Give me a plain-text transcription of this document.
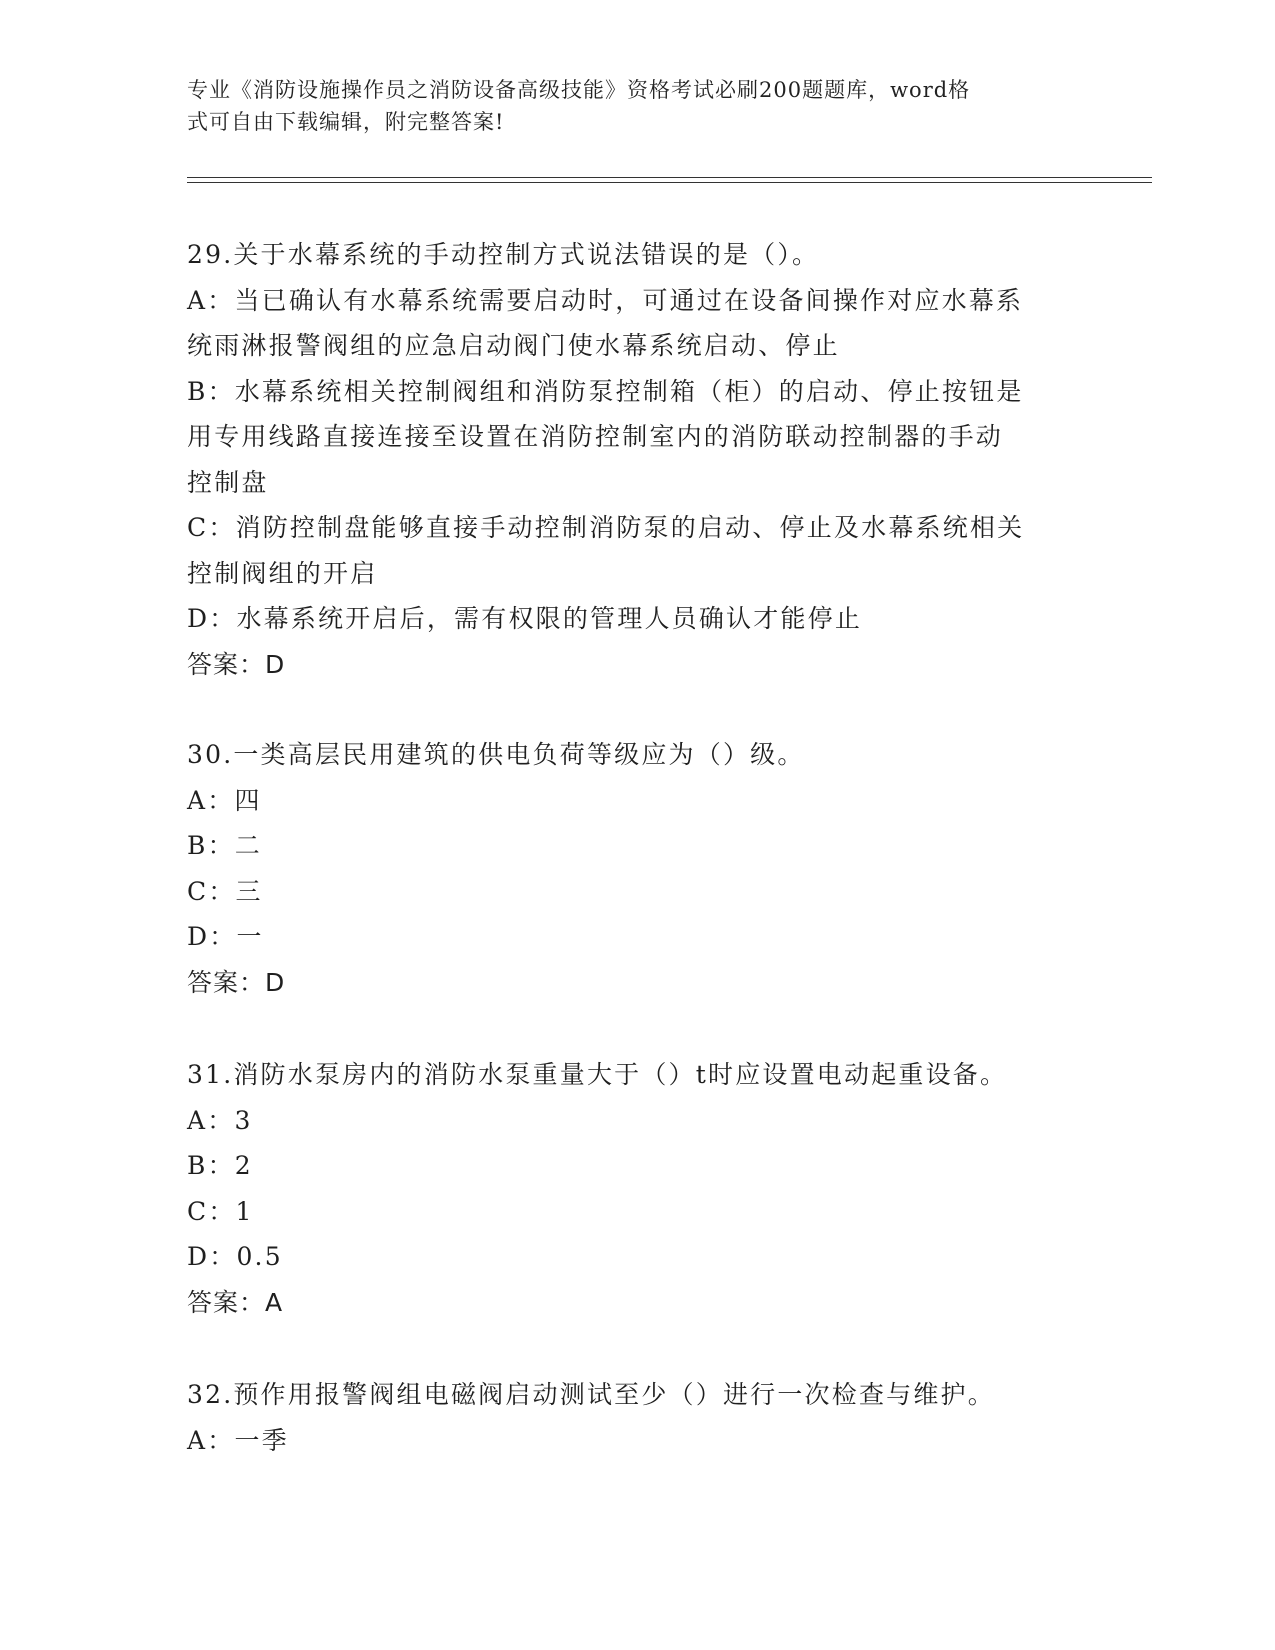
专业《消防设施操作员之消防设备高级技能》资格考试必刷200题题库，word格
式可自由下载编辑，附完整答案!
29.关于水幕系统的手动控制方式说法错误的是（）。
A：当已确认有水幕系统需要启动时，可通过在设备间操作对应水幕系
统雨淋报警阀组的应急启动阀门使水幕系统启动、停止
B：水幕系统相关控制阀组和消防泵控制箱（柜）的启动、停止按钮是
用专用线路直接连接至设置在消防控制室内的消防联动控制器的手动
控制盘
C：消防控制盘能够直接手动控制消防泵的启动、停止及水幕系统相关
控制阀组的开启
D：水幕系统开启后，需有权限的管理人员确认才能停止
答案：D
30.一类高层民用建筑的供电负荷等级应为（）级。
A：四
B：二
C：三
D：一
答案：D
31.消防水泵房内的消防水泵重量大于（）t时应设置电动起重设备。
A：3
B：2
C：1
D：0.5
答案：A
32.预作用报警阀组电磁阀启动测试至少（）进行一次检查与维护。
A：一季
